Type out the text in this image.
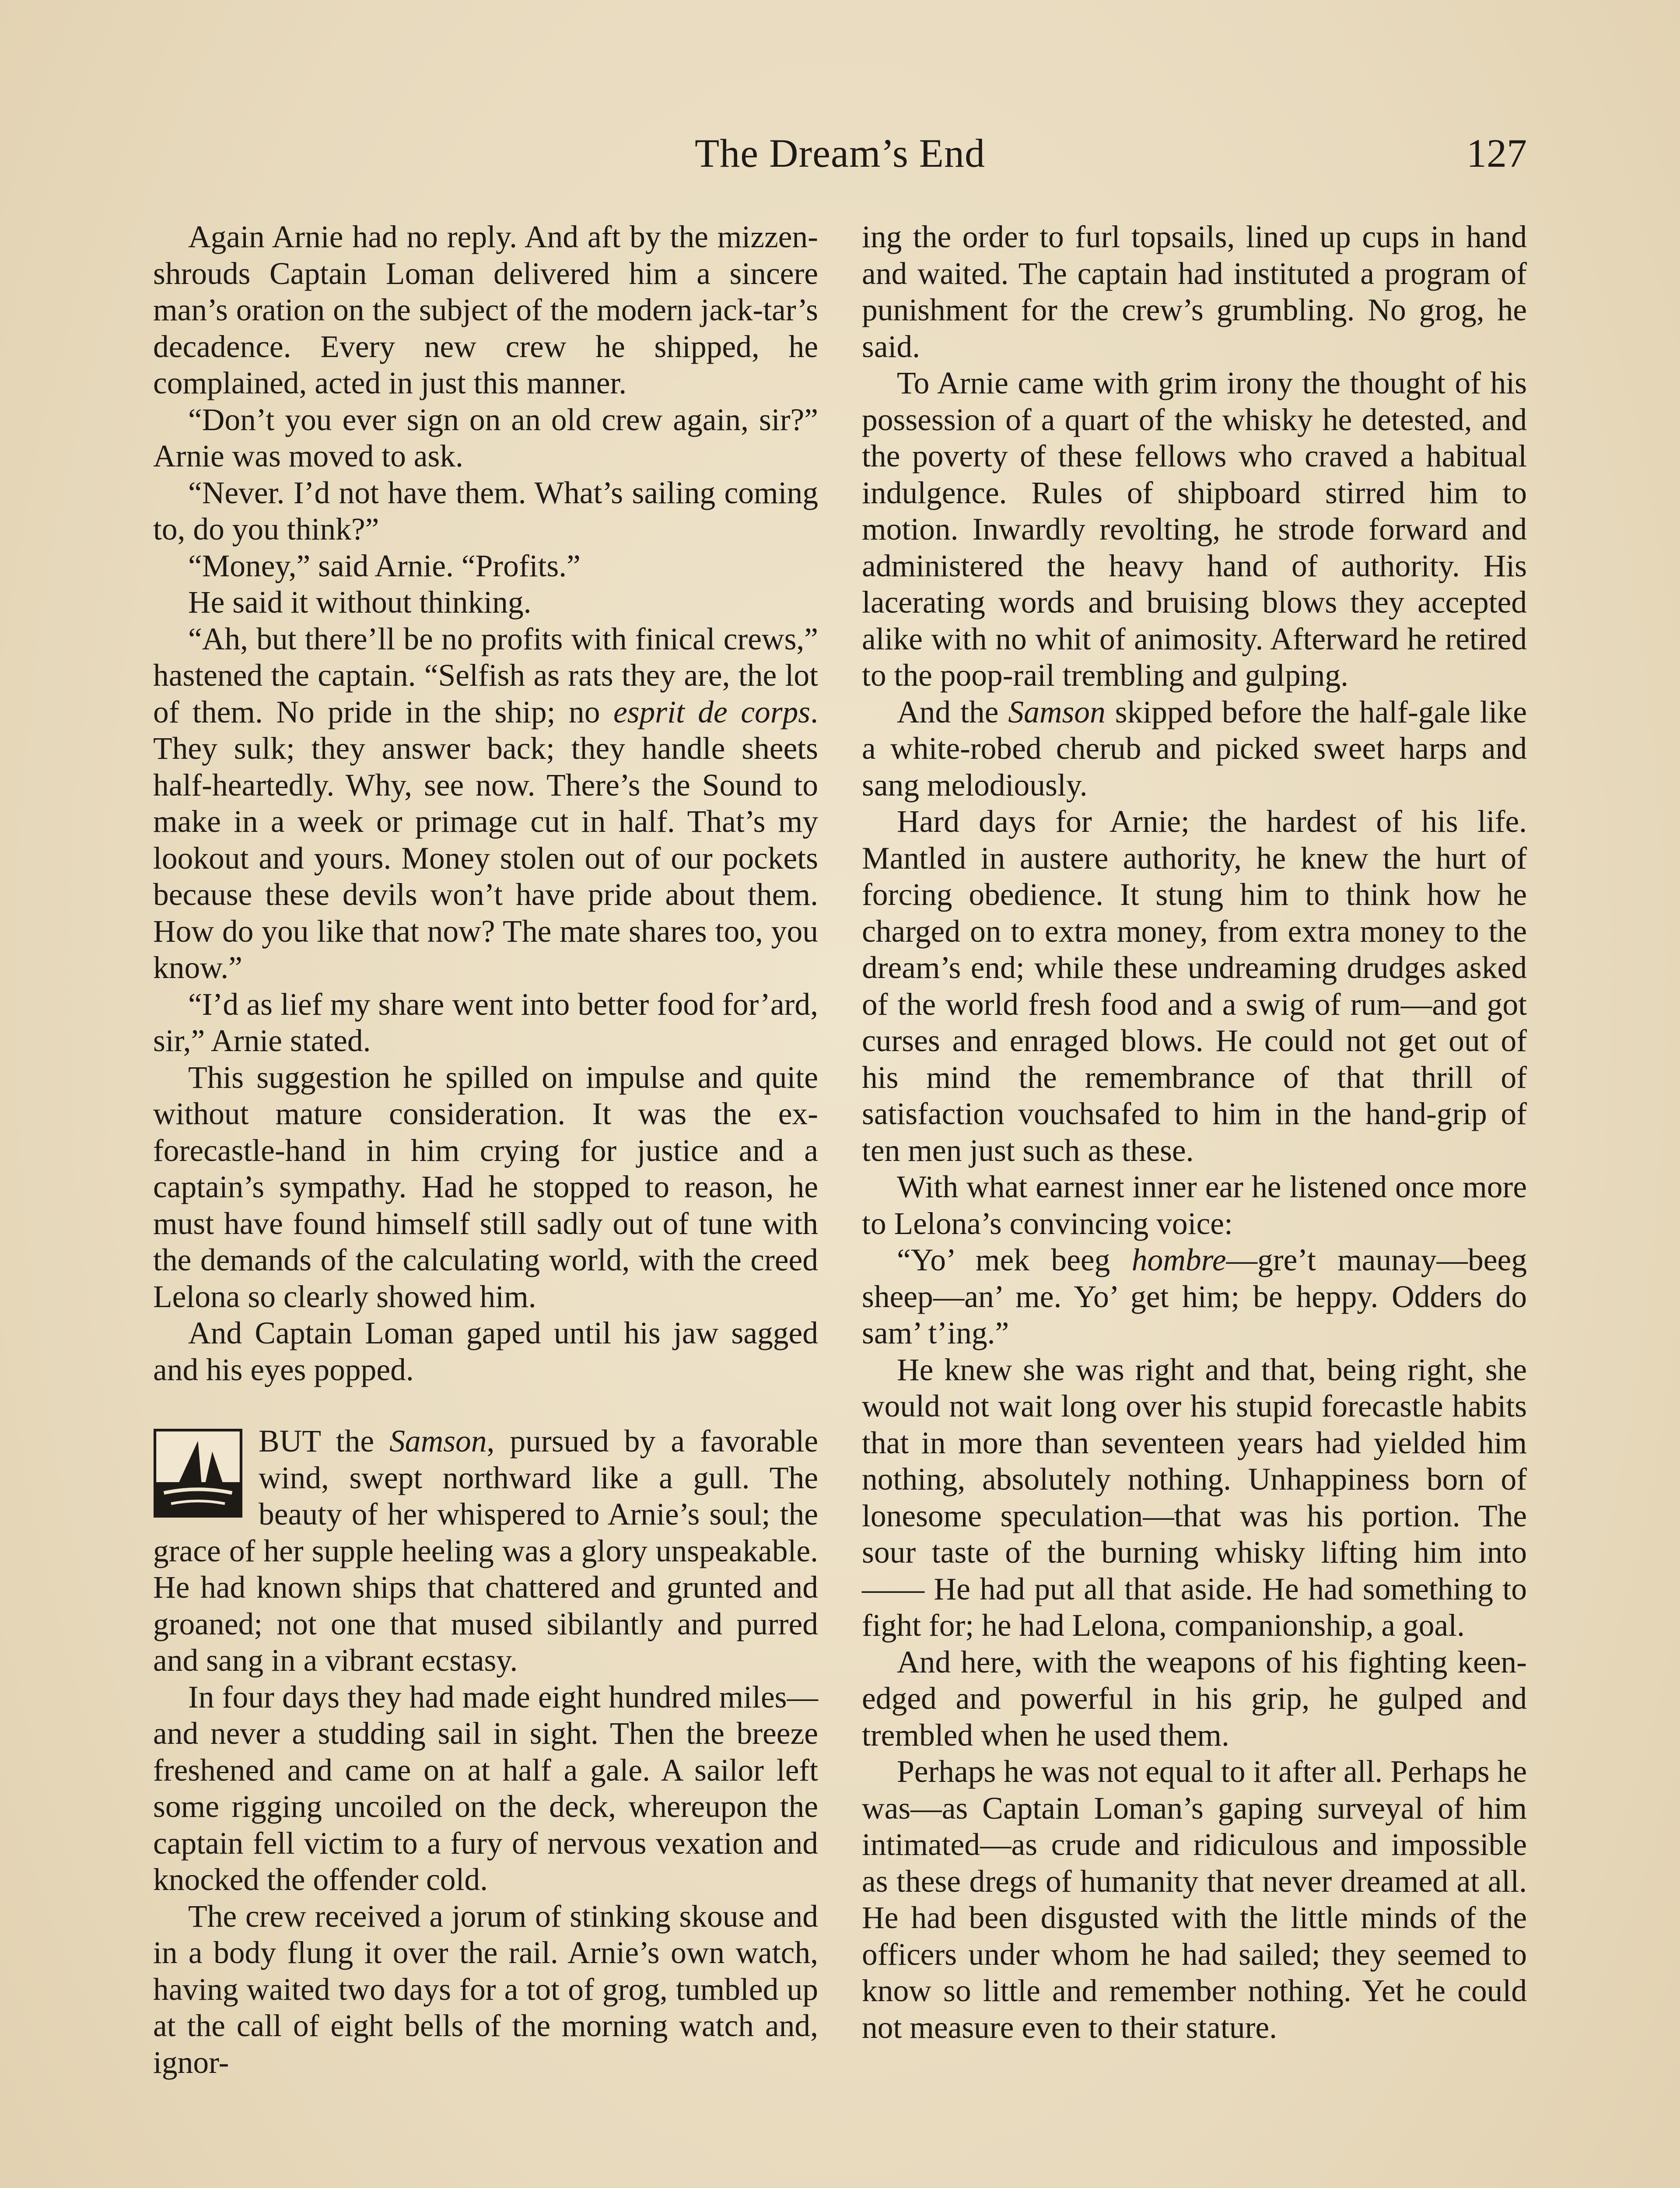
The Dream’s End	127

Again Arnie had no reply. And aft by the mizzen-shrouds Captain Loman delivered him a sincere man’s oration on the subject of the modern jack-tar’s decadence. Every new crew he shipped, he complained, acted in just this manner.

“Don’t you ever sign on an old crew again, sir?” Arnie was moved to ask.

“Never. I’d not have them. What’s sailing coming to, do you think?”

“Money,” said Arnie. “Profits.”

He said it without thinking.

“Ah, but there’ll be no profits with finical crews,” hastened the captain. “Selfish as rats they are, the lot of them. No pride in the ship; no esprit de corps. They sulk; they answer back; they handle sheets half-heartedly. Why, see now. There’s the Sound to make in a week or primage cut in half. That’s my lookout and yours. Money stolen out of our pockets because these devils won’t have pride about them. How do you like that now? The mate shares too, you know.”

“I’d as lief my share went into better food for’ard, sir,” Arnie stated.

This suggestion he spilled on impulse and quite without mature consideration. It was the ex-forecastle-hand in him crying for justice and a captain’s sympathy. Had he stopped to reason, he must have found himself still sadly out of tune with the demands of the calculating world, with the creed Lelona so clearly showed him.

And Captain Loman gaped until his jaw sagged and his eyes popped.

BUT the Samson, pursued by a favorable wind, swept northward like a gull. The beauty of her whispered to Arnie’s soul; the grace of her supple heeling was a glory unspeakable. He had known ships that chattered and grunted and groaned; not one that mused sibilantly and purred and sang in a vibrant ecstasy.

In four days they had made eight hundred miles—and never a studding sail in sight. Then the breeze freshened and came on at half a gale. A sailor left some rigging uncoiled on the deck, whereupon the captain fell victim to a fury of nervous vexation and knocked the offender cold.

The crew received a jorum of stinking skouse and in a body flung it over the rail. Arnie’s own watch, having waited two days for a tot of grog, tumbled up at the call of eight bells of the morning watch and, ignor-

ing the order to furl topsails, lined up cups in hand and waited. The captain had instituted a program of punishment for the crew’s grumbling. No grog, he said.

To Arnie came with grim irony the thought of his possession of a quart of the whisky he detested, and the poverty of these fellows who craved a habitual indulgence. Rules of shipboard stirred him to motion. Inwardly revolting, he strode forward and administered the heavy hand of authority. His lacerating words and bruising blows they accepted alike with no whit of animosity. Afterward he retired to the poop-rail trembling and gulping.

And the Samson skipped before the half-gale like a white-robed cherub and picked sweet harps and sang melodiously.

Hard days for Arnie; the hardest of his life. Mantled in austere authority, he knew the hurt of forcing obedience. It stung him to think how he charged on to extra money, from extra money to the dream’s end; while these undreaming drudges asked of the world fresh food and a swig of rum—and got curses and enraged blows. He could not get out of his mind the remembrance of that thrill of satisfaction vouchsafed to him in the hand-grip of ten men just such as these.

With what earnest inner ear he listened once more to Lelona’s convincing voice:

“Yo’ mek beeg hombre—gre’t maunay—beeg sheep—an’ me. Yo’ get him; be heppy. Odders do sam’ t’ing.”

He knew she was right and that, being right, she would not wait long over his stupid forecastle habits that in more than seventeen years had yielded him nothing, absolutely nothing. Unhappiness born of lonesome speculation—that was his portion. The sour taste of the burning whisky lifting him into —— He had put all that aside. He had something to fight for; he had Lelona, companionship, a goal.

And here, with the weapons of his fighting keen-edged and powerful in his grip, he gulped and trembled when he used them.

Perhaps he was not equal to it after all. Perhaps he was—as Captain Loman’s gaping surveyal of him intimated—as crude and ridiculous and impossible as these dregs of humanity that never dreamed at all. He had been disgusted with the little minds of the officers under whom he had sailed; they seemed to know so little and remember nothing. Yet he could not measure even to their stature.
